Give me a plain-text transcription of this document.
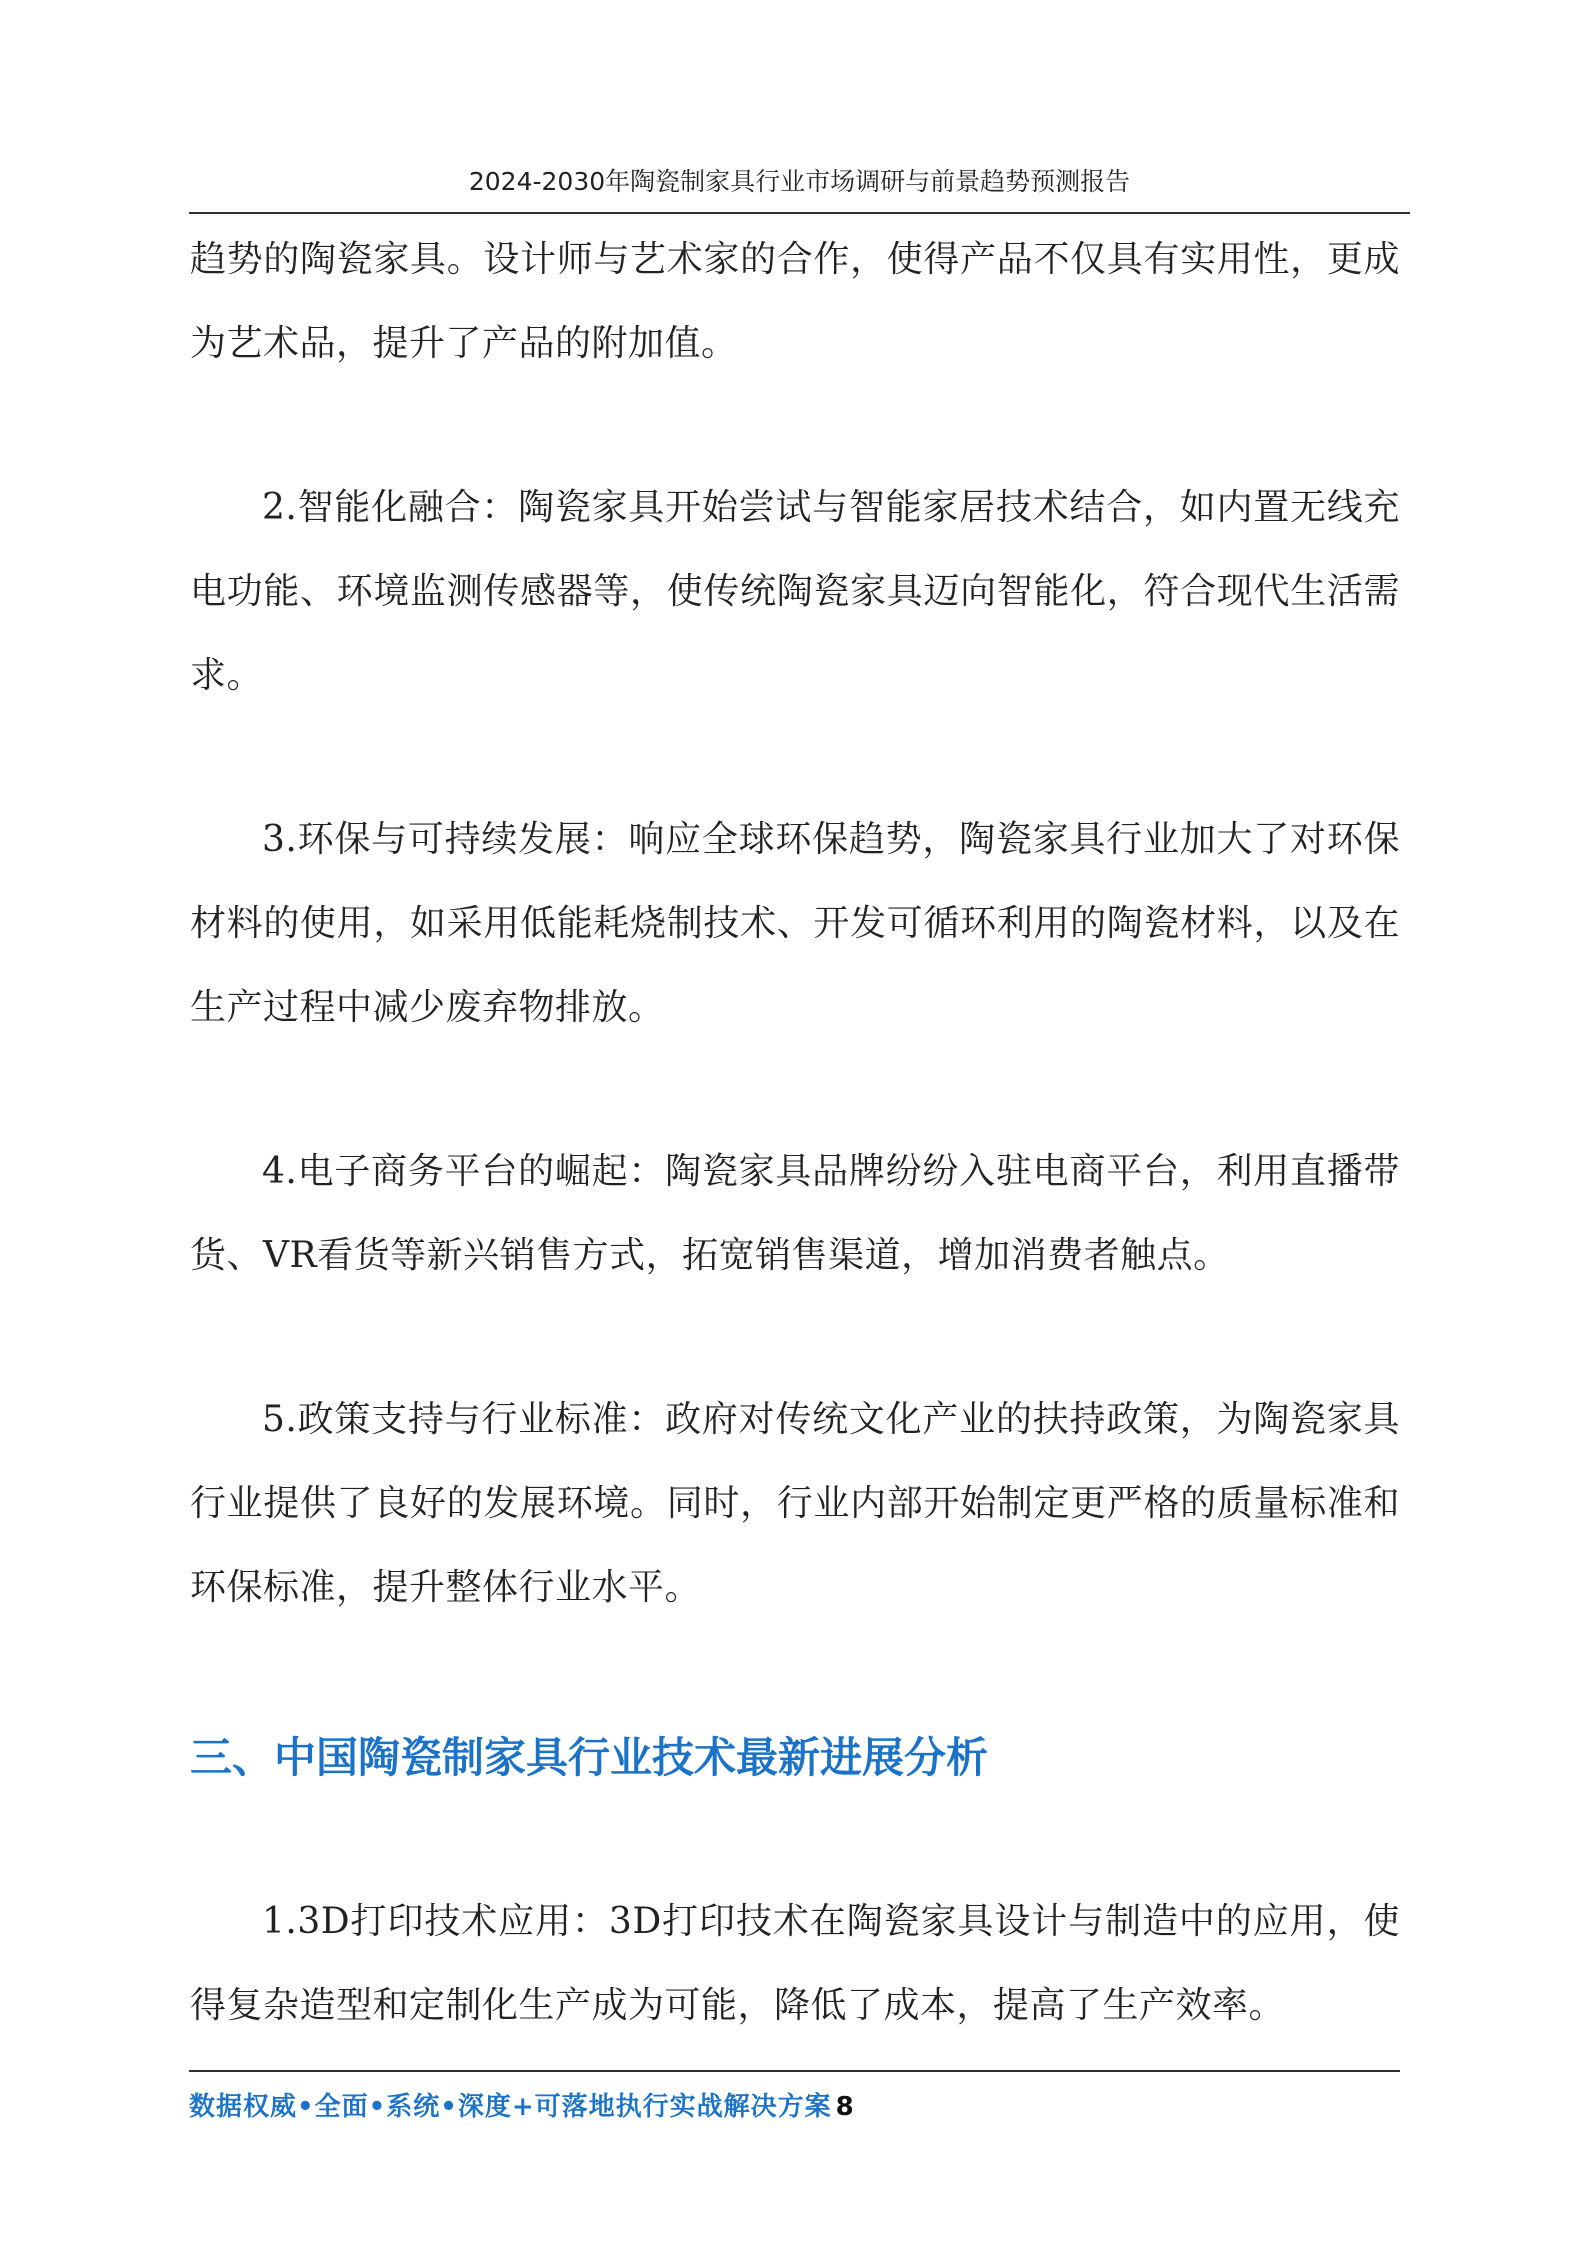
2024-2030年陶瓷制家具行业市场调研与前景趋势预测报告

趋势的陶瓷家具。设计师与艺术家的合作，使得产品不仅具有实用性，更成为艺术品，提升了产品的附加值。

2.智能化融合：陶瓷家具开始尝试与智能家居技术结合，如内置无线充电功能、环境监测传感器等，使传统陶瓷家具迈向智能化，符合现代生活需求。

3.环保与可持续发展：响应全球环保趋势，陶瓷家具行业加大了对环保材料的使用，如采用低能耗烧制技术、开发可循环利用的陶瓷材料，以及在生产过程中减少废弃物排放。

4.电子商务平台的崛起：陶瓷家具品牌纷纷入驻电商平台，利用直播带货、VR看货等新兴销售方式，拓宽销售渠道，增加消费者触点。

5.政策支持与行业标准：政府对传统文化产业的扶持政策，为陶瓷家具行业提供了良好的发展环境。同时，行业内部开始制定更严格的质量标准和环保标准，提升整体行业水平。

三、中国陶瓷制家具行业技术最新进展分析

1.3D打印技术应用：3D打印技术在陶瓷家具设计与制造中的应用，使得复杂造型和定制化生产成为可能，降低了成本，提高了生产效率。

数据权威•全面•系统•深度+可落地执行实战解决方案 8
